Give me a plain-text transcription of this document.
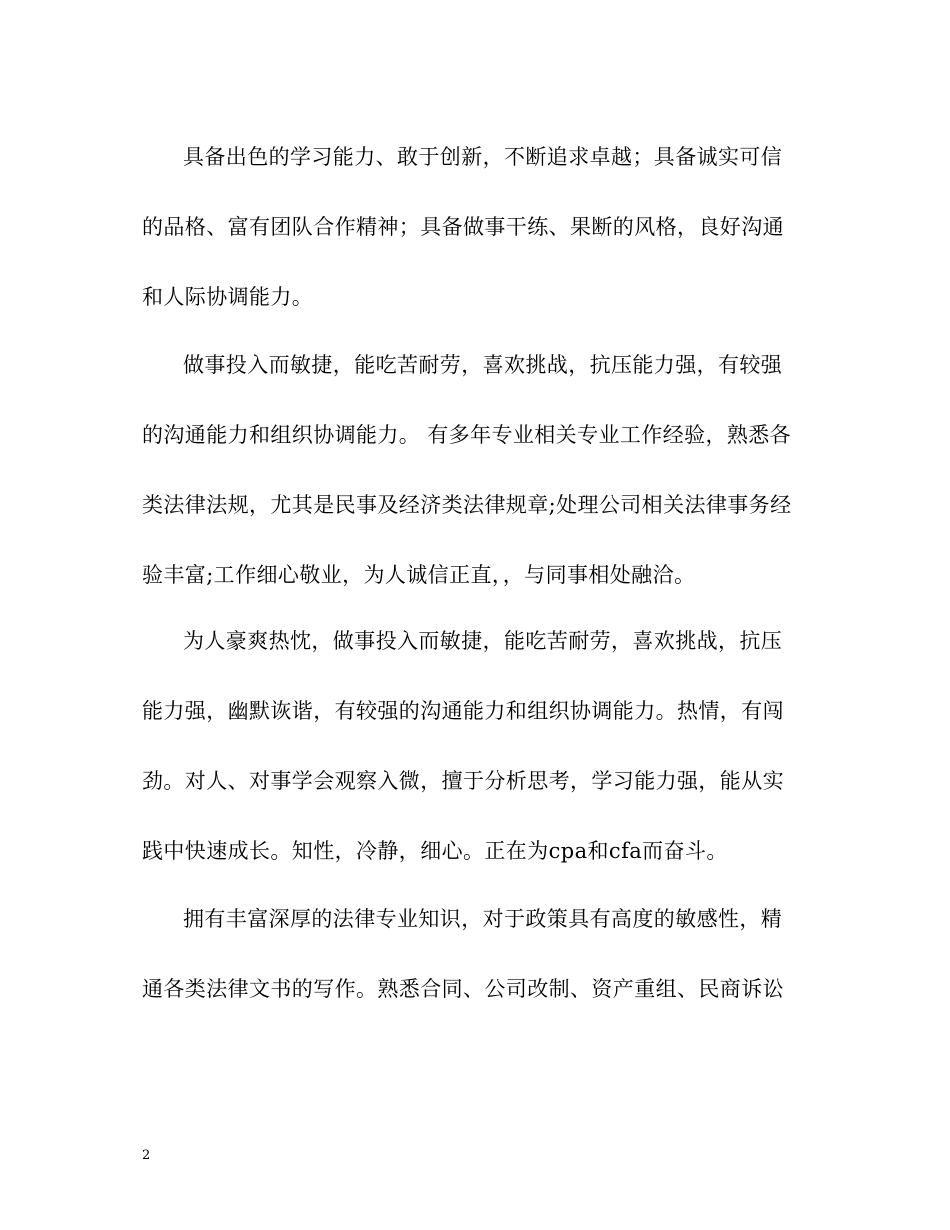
具备出色的学习能力、敢于创新，不断追求卓越；具备诚实可信
的品格、富有团队合作精神；具备做事干练、果断的风格，良好沟通
和人际协调能力。
做事投入而敏捷，能吃苦耐劳，喜欢挑战，抗压能力强，有较强
的沟通能力和组织协调能力。 有多年专业相关专业工作经验，熟悉各
类法律法规，尤其是民事及经济类法律规章;处理公司相关法律事务经
验丰富;工作细心敬业，为人诚信正直，，与同事相处融洽。
为人豪爽热忱，做事投入而敏捷，能吃苦耐劳，喜欢挑战，抗压
能力强，幽默诙谐，有较强的沟通能力和组织协调能力。热情，有闯
劲。对人、对事学会观察入微，擅于分析思考，学习能力强，能从实
践中快速成长。知性，冷静，细心。正在为cpa和cfa而奋斗。
拥有丰富深厚的法律专业知识，对于政策具有高度的敏感性，精
通各类法律文书的写作。熟悉合同、公司改制、资产重组、民商诉讼
2
